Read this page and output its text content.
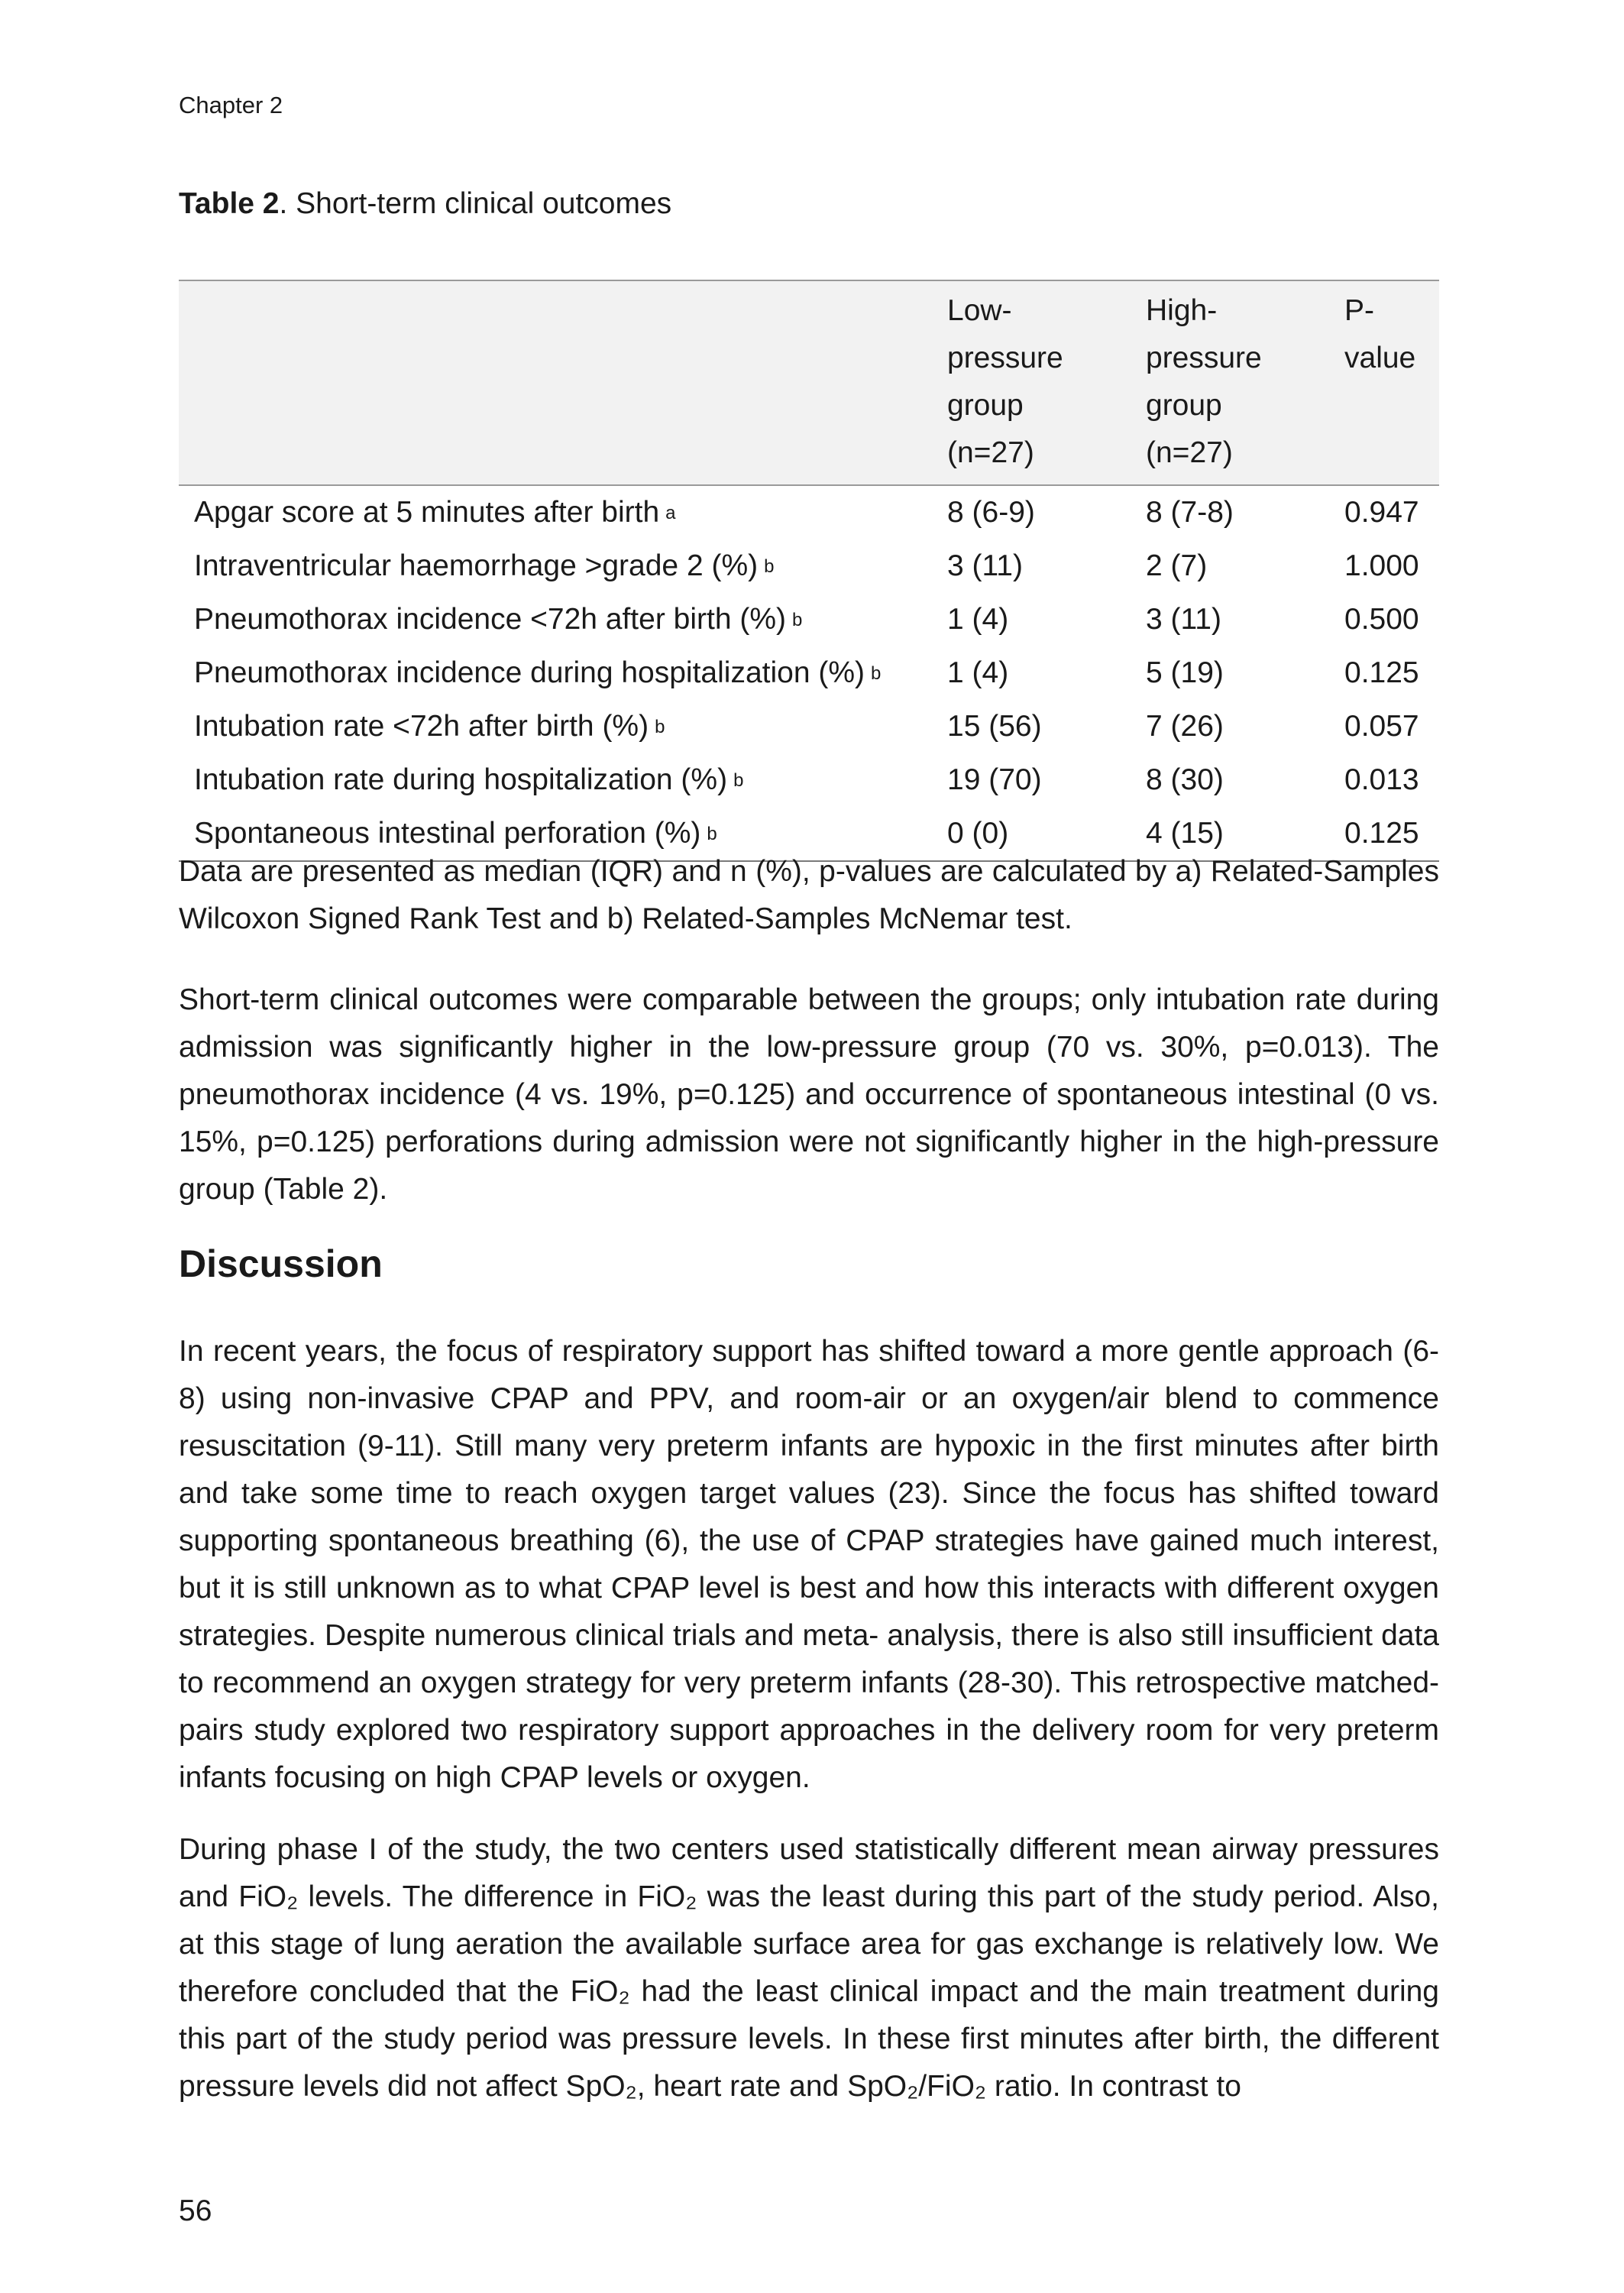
Chapter 2
Table 2. Short-term clinical outcomes

	Low-
pressure
group
(n=27)	High-
pressure
group
(n=27)	P-
value

Apgar score at 5 minutes after birth $^a$	8 (6-9)	8 (7-8)	0.947
Intraventricular haemorrhage >grade 2 (%) $^b$	3 (11)	2 (7)	1.000
Pneumothorax incidence <72h after birth (%) $^b$	1 (4)	3 (11)	0.500
Pneumothorax incidence during hospitalization (%) $^b$	1 (4)	5 (19)	0.125
Intubation rate <72h after birth (%) $^b$	15 (56)	7 (26)	0.057
Intubation rate during hospitalization (%) $^b$	19 (70)	8 (30)	0.013
Spontaneous intestinal perforation (%) $^b$	0 (0)	4 (15)	0.125
Data are presented as median (IQR) and n (%), p-values are calculated by a) Related-Samples Wilcoxon Signed Rank Test and b) Related-Samples McNemar test.

Short-term clinical outcomes were comparable between the groups; only intubation rate during admission was significantly higher in the low-pressure group (70 vs. 30%, p=0.013). The pneumothorax incidence (4 vs. 19%, p=0.125) and occurrence of spontaneous intestinal (0 vs. 15%, p=0.125) perforations during admission were not significantly higher in the high-pressure group (Table 2).

Discussion

In recent years, the focus of respiratory support has shifted toward a more gentle approach (6-8) using non-invasive CPAP and PPV, and room-air or an oxygen/air blend to commence resuscitation (9-11). Still many very preterm infants are hypoxic in the first minutes after birth and take some time to reach oxygen target values (23). Since the focus has shifted toward supporting spontaneous breathing (6), the use of CPAP strategies have gained much interest, but it is still unknown as to what CPAP level is best and how this interacts with different oxygen strategies. Despite numerous clinical trials and meta- analysis, there is also still insufficient data to recommend an oxygen strategy for very preterm infants (28-30). This retrospective matched-pairs study explored two respiratory support approaches in the delivery room for very preterm infants focusing on high CPAP levels or oxygen.

During phase I of the study, the two centers used statistically different mean airway pressures and FiO₂ levels. The difference in FiO₂ was the least during this part of the study period. Also, at this stage of lung aeration the available surface area for gas exchange is relatively low. We therefore concluded that the FiO₂ had the least clinical impact and the main treatment during this part of the study period was pressure levels. In these first minutes after birth, the different pressure levels did not affect SpO₂, heart rate and SpO₂/FiO₂ ratio. In contrast to

56
